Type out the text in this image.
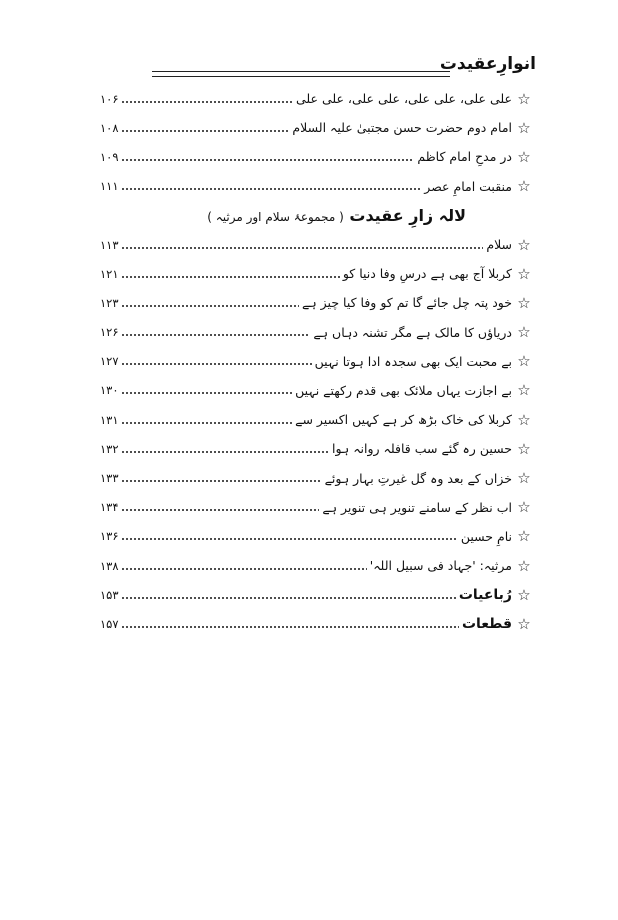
انوارِعقیدت
☆
علی علی، علی علی، علی علی، علی علی
۱۰۶
☆
امام دوم حضرت حسن مجتبیٰ علیہ السلام
۱۰۸
☆
در مدحِ امام کاظم
۱۰۹
☆
منقبت امامِ عصر
۱۱۱
لالہ زارِ عقیدت ( مجموعۂ سلام اور مرثیہ )
☆
سلام
۱۱۳
☆
کربلا آج بھی ہے درسِ وفا دنیا کو
۱۲۱
☆
خود پتہ چل جائے گا تم کو وفا کیا چیز ہے
۱۲۳
☆
دریاؤں کا مالک ہے مگر تشنہ دہاں ہے
۱۲۶
☆
بے محبت ایک بھی سجدہ ادا ہوتا نہیں
۱۲۷
☆
بے اجازت یہاں ملائک بھی قدم رکھتے نہیں
۱۳۰
☆
کربلا کی خاک بڑھ کر ہے کہیں اکسیر سے
۱۳۱
☆
حسین رہ گئے سب قافلہ روانہ ہوا
۱۳۲
☆
خزاں کے بعد وہ گل غیرتِ بہار ہوئے
۱۳۳
☆
اب نظر کے سامنے تنویر ہی تنویر ہے
۱۳۴
☆
نامِ حسین
۱۳۶
☆
مرثیہ: 'جہاد فی سبیل اللہ'
۱۳۸
☆
رُباعیات
۱۵۳
☆
قطعات
۱۵۷
